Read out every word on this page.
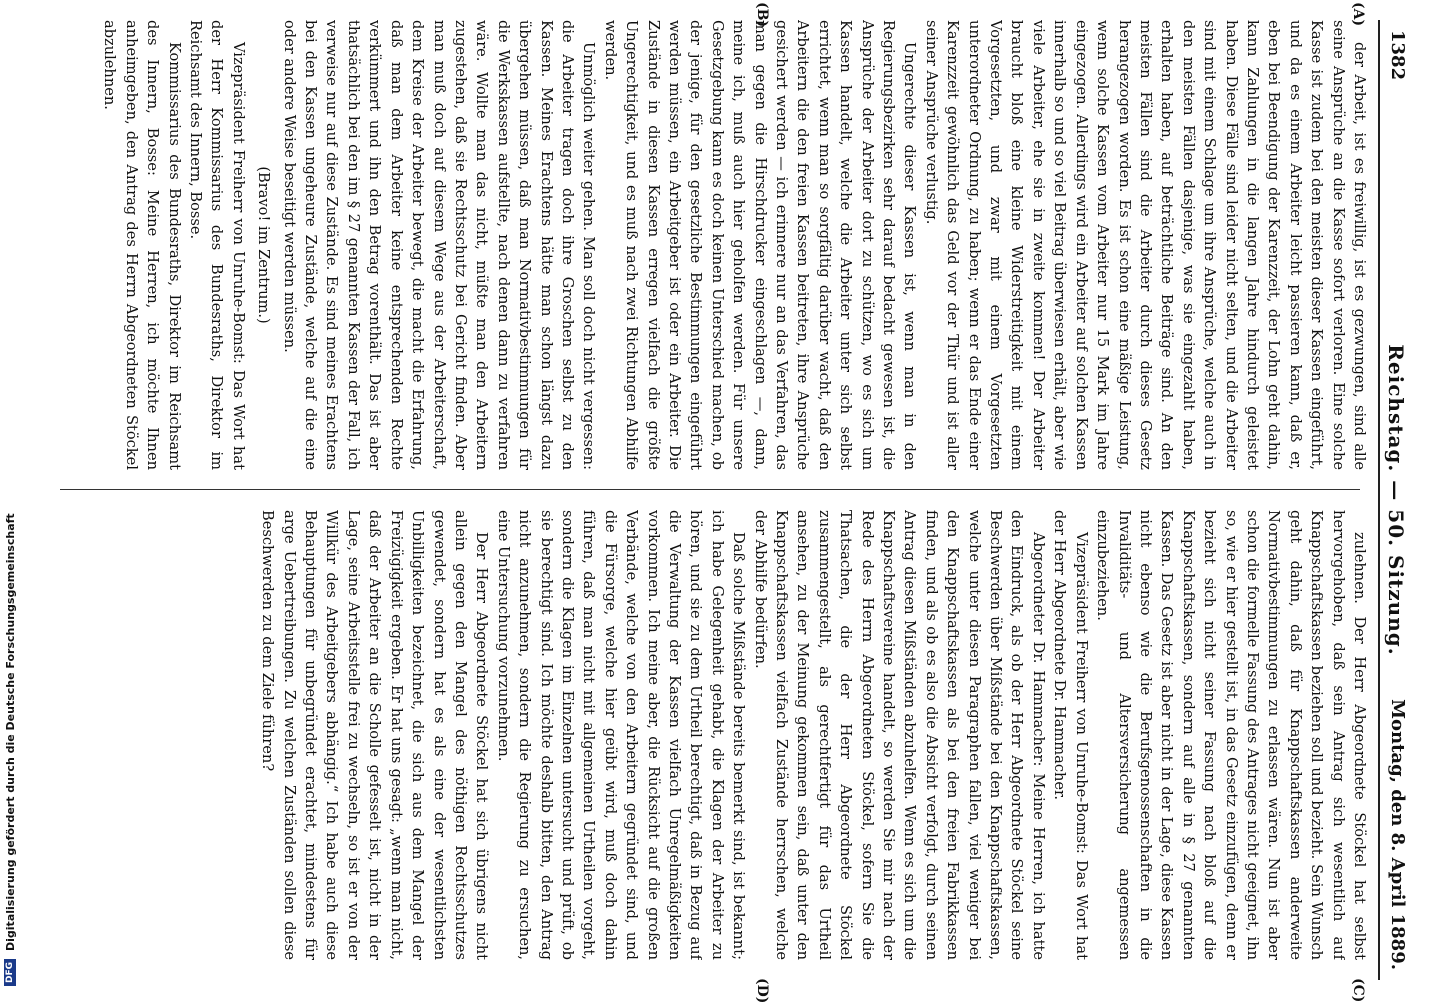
1382
Reichstag. — 50. Sitzung.
Montag, den 8. April 1889.
(A)
(B)
(C)
(D)

der Arbeit, ist es freiwillig, ist es gezwungen, sind alle seine Ansprüche an die Kasse sofort verloren. Eine solche Kasse ist zudem bei den meisten dieser Kassen eingeführt, und da es einem Arbeiter leicht passieren kann, daß er, eben bei Beendigung der Karenzzeit, der Lohn geht dahin, kann Zahlungen in die langen Jahre hindurch geleistet haben. Diese Fälle sind leider nicht selten, und die Arbeiter sind mit einem Schlage um ihre Ansprüche, welche auch in den meisten Fällen dasjenige, was sie eingezahlt haben, erhalten haben, auf beträchtliche Beiträge sind. An den meisten Fällen sind die Arbeiter durch dieses Gesetz herangezogen worden. Es ist schon eine mäßige Leistung, wenn solche Kassen vom Arbeiter nur 15 Mark im Jahre eingezogen. Allerdings wird ein Arbeiter auf solchen Kassen innerhalb so und so viel Beitrag überwiesen erhält, aber wie viele Arbeiter, ehe sie in zweite kommen! Der Arbeiter braucht bloß eine kleine Widerstreitigkeit mit einem Vorgesetzten, und zwar mit einem Vorgesetzten unterordneter Ordnung, zu haben; wenn er das Ende einer Karenzzeit gewöhnlich das Geld vor der Thür und ist aller seiner Ansprüche verlustig.

Ungerechte dieser Kassen ist, wenn man in den Regierungsbezirken sehr darauf bedacht gewesen ist, die Ansprüche der Arbeiter dort zu schützen, wo es sich um Kassen handelt, welche die Arbeiter unter sich selbst errichtet, wenn man so sorgfältig darüber wacht, daß den Arbeitern die den freien Kassen beitreten, ihre Ansprüche gesichert werden — ich erinnere nur an das Verfahren, das man gegen die Hirschdrucker eingeschlagen —, dann, meine ich, muß auch hier geholfen werden. Für unsere Gesetzgebung kann es doch keinen Unterschied machen, ob der jenige, für den gesetzliche Bestimmungen eingeführt werden müssen, ein Arbeitgeber ist oder ein Arbeiter. Die Zustände in diesen Kassen erregen vielfach die größte Ungerechtigkeit, und es muß nach zwei Richtungen Abhilfe werden.

Unmöglich weiter gehen. Man soll doch nicht vergessen: die Arbeiter tragen doch ihre Groschen selbst zu den Kassen. Meines Erachtens hätte man schon längst dazu übergehen müssen, daß man Normativbestimmungen für die Werkskassen aufstellte, nach denen dann zu verfahren wäre. Wollte man das nicht, müßte man den Arbeitern zugestehen, daß sie Rechtsschutz bei Gericht finden. Aber man muß doch auf diesem Wege aus der Arbeiterschaft, dem Kreise der Arbeiter bewegt, die macht die Erfahrung, daß man dem Arbeiter keine entsprechenden Rechte verkümmert und ihn den Betrag vorenthält. Das ist aber thatsächlich bei den im § 27 genannten Kassen der Fall, ich verweise nur auf diese Zustände. Es sind meines Erachtens bei den Kassen ungeheure Zustände, welche auf die eine oder andere Weise beseitigt werden müssen.

(Bravo! im Zentrum.)

Vizepräsident Freiherr von Unruhe-Bomst: Das Wort hat der Herr Kommissarius des Bundesraths, Direktor im Reichsamt des Innern, Bosse.

Kommissarius des Bundesraths, Direktor im Reichsamt des Innern, Bosse: Meine Herren, ich möchte Ihnen anheimgeben, den Antrag des Herrn Abgeordneten Stöckel abzulehnen.

zulehnen. Der Herr Abgeordnete Stöckel hat selbst hervorgehoben, daß sein Antrag sich wesentlich auf Knappschaftskassen beziehen soll und bezieht. Sein Wunsch geht dahin, daß für Knappschaftskassen anderweite Normativbestimmungen zu erlassen wären. Nun ist aber schon die formelle Fassung des Antrages nicht geeignet, ihn so, wie er hier gestellt ist, in das Gesetz einzufügen, denn er bezieht sich nicht seiner Fassung nach bloß auf die Knappschaftskassen, sondern auf alle in § 27 genannten Kassen. Das Gesetz ist aber nicht in der Lage, diese Kassen nicht ebenso wie die Berufsgenossenschaften in die Invaliditäts- und Altersversicherung angemessen einzubeziehen.

Vizepräsident Freiherr von Unruhe-Bomst: Das Wort hat der Herr Abgeordnete Dr. Hammacher.

Abgeordneter Dr. Hammacher: Meine Herren, ich hatte den Eindruck, als ob der Herr Abgeordnete Stöckel seine Beschwerden über Mißstände bei den Knappschaftskassen, welche unter diesen Paragraphen fallen, viel weniger bei den Knappschaftskassen als bei den freien Fabrikkassen finden, und als ob es also die Absicht verfolgt, durch seinen Antrag diesen Mißständen abzuhelfen. Wenn es sich um die Knappschaftsvereine handelt, so werden Sie mir nach der Rede des Herrn Abgeordneten Stöckel, sofern Sie die Thatsachen, die der Herr Abgeordnete Stöckel zusammengestellt, als gerechtfertigt für das Urtheil ansehen, zu der Meinung gekommen sein, daß unter den Knappschaftskassen vielfach Zustände herrschen, welche der Abhilfe bedürfen.

Daß solche Mißstände bereits bemerkt sind, ist bekannt; ich habe Gelegenheit gehabt, die Klagen der Arbeiter zu hören, und sie zu dem Urtheil berechtigt, daß in Bezug auf die Verwaltung der Kassen vielfach Unregelmäßigkeiten vorkommen. Ich meine aber, die Rücksicht auf die großen Verbände, welche von den Arbeitern gegründet sind, und die Fürsorge, welche hier geübt wird, muß doch dahin führen, daß man nicht mit allgemeinen Urtheilen vorgeht, sondern die Klagen im Einzelnen untersucht und prüft, ob sie berechtigt sind. Ich möchte deshalb bitten, den Antrag nicht anzunehmen, sondern die Regierung zu ersuchen, eine Untersuchung vorzunehmen.

Der Herr Abgeordnete Stöckel hat sich übrigens nicht allein gegen den Mangel des nöthigen Rechtsschutzes gewendet, sondern hat es als eine der wesentlichsten Unbilligkeiten bezeichnet, die sich aus dem Mangel der Freizügigkeit ergeben. Er hat uns gesagt: „wenn man nicht, daß der Arbeiter an die Scholle gefesselt ist, nicht in der Lage, seine Arbeitsstelle frei zu wechseln, so ist er von der Willkür des Arbeitgebers abhängig.“ Ich habe auch diese Behauptungen für unbegründet erachtet, mindestens für arge Uebertreibungen. Zu welchen Zuständen sollen diese Beschwerden zu dem Ziele führen?

DFG
Digitalisierung gefördert durch die Deutsche Forschungsgemeinschaft
